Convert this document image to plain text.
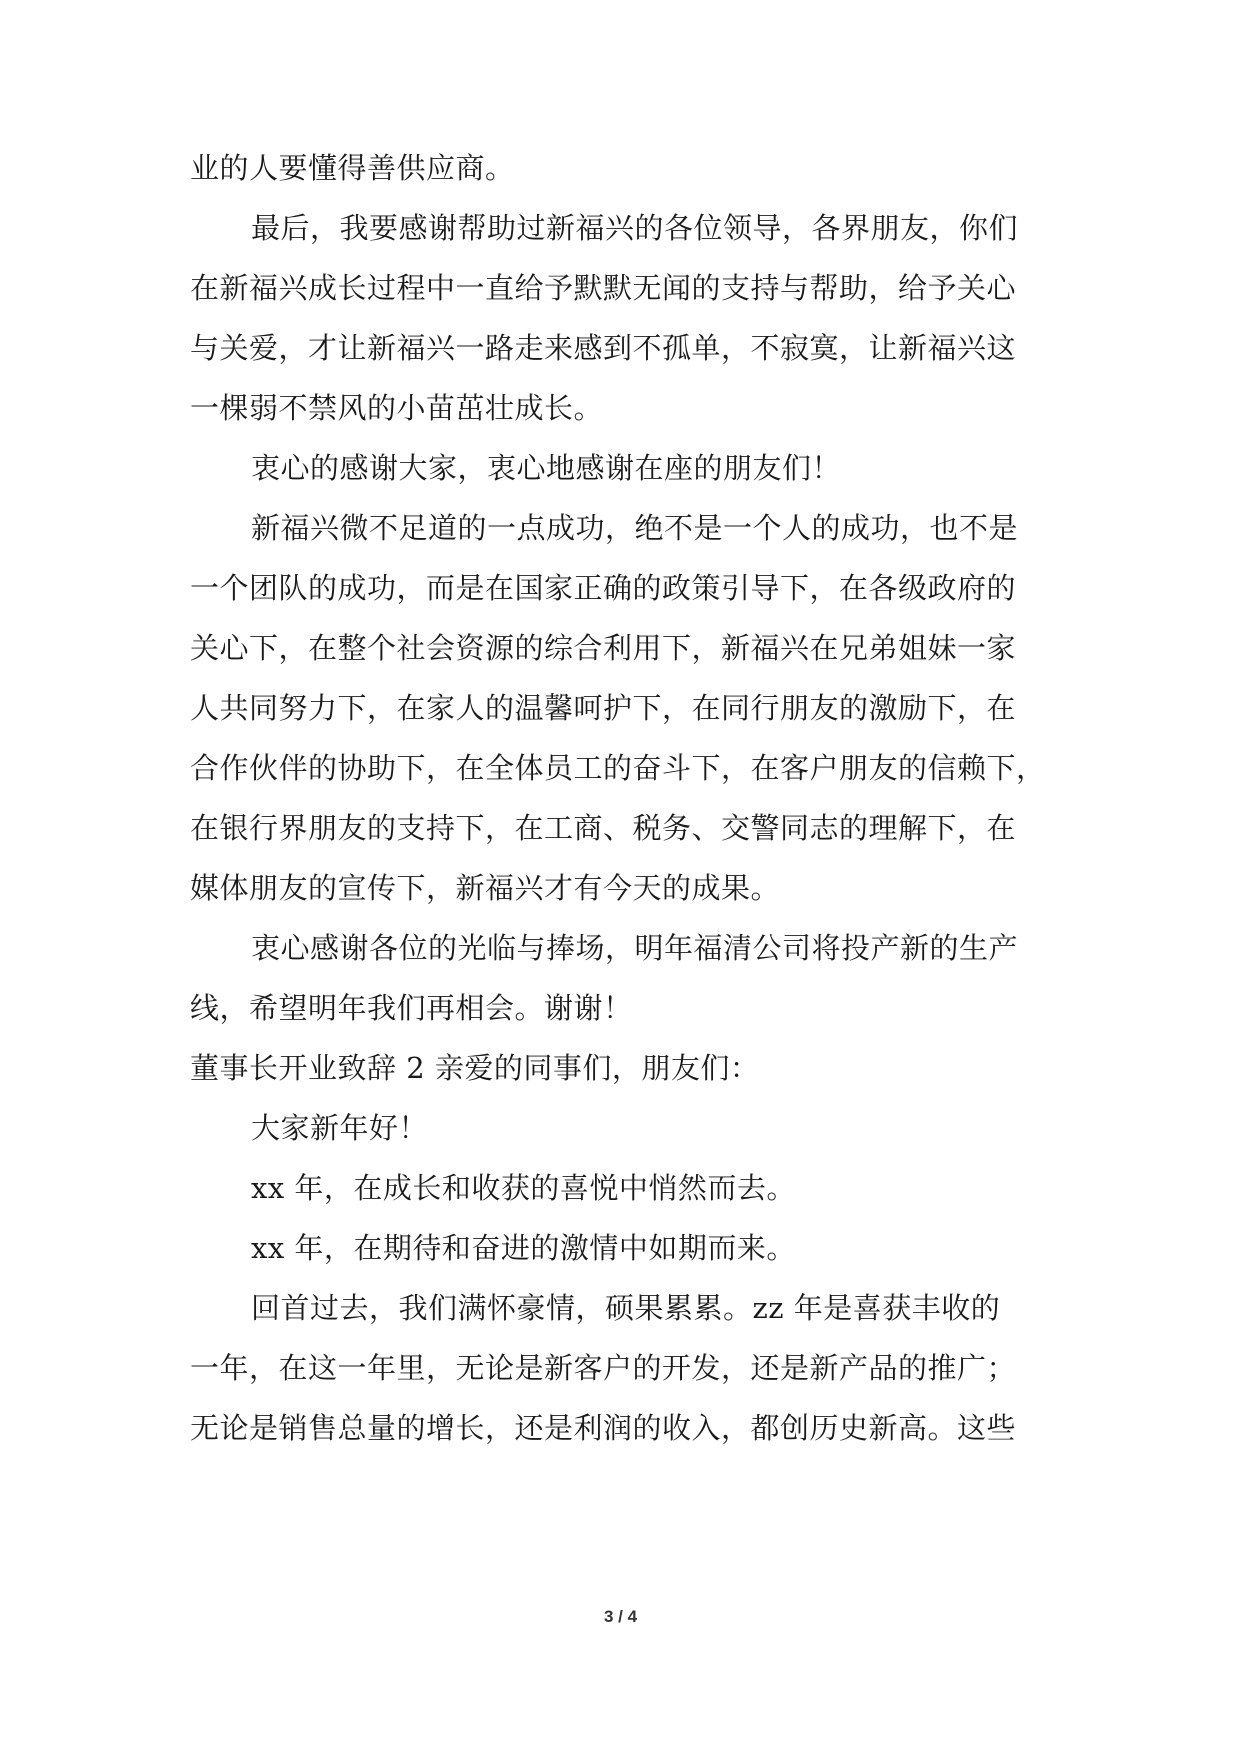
业的人要懂得善供应商。
最后，我要感谢帮助过新福兴的各位领导，各界朋友，你们
在新福兴成长过程中一直给予默默无闻的支持与帮助，给予关心
与关爱，才让新福兴一路走来感到不孤单，不寂寞，让新福兴这
一棵弱不禁风的小苗茁壮成长。
衷心的感谢大家，衷心地感谢在座的朋友们！
新福兴微不足道的一点成功，绝不是一个人的成功，也不是
一个团队的成功，而是在国家正确的政策引导下，在各级政府的
关心下，在整个社会资源的综合利用下，新福兴在兄弟姐妹一家
人共同努力下，在家人的温馨呵护下，在同行朋友的激励下，在
合作伙伴的协助下，在全体员工的奋斗下，在客户朋友的信赖下，
在银行界朋友的支持下，在工商、税务、交警同志的理解下，在
媒体朋友的宣传下，新福兴才有今天的成果。
衷心感谢各位的光临与捧场，明年福清公司将投产新的生产
线，希望明年我们再相会。谢谢！
董事长开业致辞 2 亲爱的同事们，朋友们：
大家新年好！
xx 年，在成长和收获的喜悦中悄然而去。
xx 年，在期待和奋进的激情中如期而来。
回首过去，我们满怀豪情，硕果累累。zz 年是喜获丰收的
一年，在这一年里，无论是新客户的开发，还是新产品的推广；
无论是销售总量的增长，还是利润的收入，都创历史新高。这些
3 / 4
